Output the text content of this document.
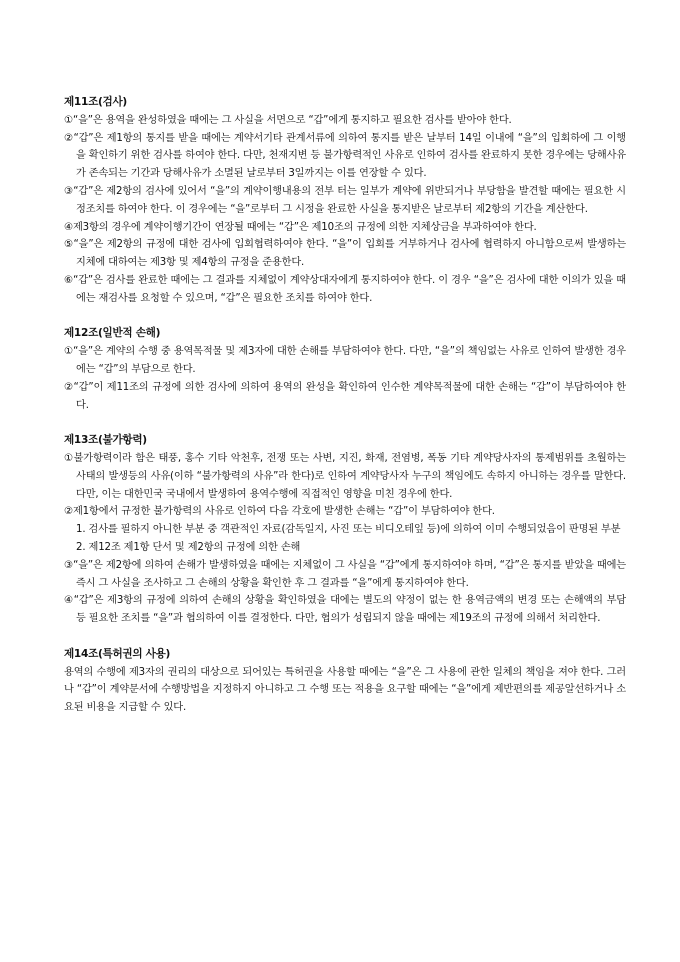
제11조(검사)
①“을”은 용역을 완성하였을 때에는 그 사실을 서면으로 “갑”에게 통지하고 필요한 검사를 받아야 한다.
②“갑”은 제1항의 통지를 받을 때에는 계약서기타 관계서류에 의하여 통지를 받은 날부터 14일 이내에 “을”의 입회하에 그 이행을 확인하기 위한 검사를 하여야 한다. 다만, 천재지변 등 불가항력적인 사유로 인하여 검사를 완료하지 못한 경우에는 당해사유가 존속되는 기간과 당해사유가 소멸된 날로부터 3일까지는 이를 연장할 수 있다.
③“갑”은 제2항의 검사에 있어서 “을”의 계약이행내용의 전부 터는 일부가 계약에 위반되거나 부당함을 발견할 때에는 필요한 시정조치를 하여야 한다. 이 경우에는 “을”로부터 그 시정을 완료한 사실을 통지받은 날로부터 제2항의 기간을 계산한다.
④제3항의 경우에 계약이행기간이 연장될 때에는 “갑”은 제10조의 규정에 의한 지체상금을 부과하여야 한다.
⑤“을”은 제2항의 규정에 대한 검사에 입회협력하여야 한다. “을”이 입회를 거부하거나 검사에 협력하지 아니함으로써 발생하는 지체에 대하여는 제3항 및 제4항의 규정을 준용한다.
⑥“갑”은 검사를 완료한 때에는 그 결과를 지체없이 계약상대자에게 통지하여야 한다. 이 경우 “을”은 검사에 대한 이의가 있을 때에는 재검사를 요청할 수 있으며, “갑”은 필요한 조치를 하여야 한다.
제12조(일반적 손해)
①“을”은 계약의 수행 중 용역목적물 및 제3자에 대한 손해를 부담하여야 한다. 다만, “을”의 책임없는 사유로 인하여 발생한 경우에는 “갑”의 부담으로 한다.
②“갑”이 제11조의 규정에 의한 검사에 의하여 용역의 완성을 확인하여 인수한 계약목적물에 대한 손해는 “갑”이 부담하여야 한다.
제13조(불가항력)
①불가항력이라 함은 태풍, 홍수 기타 악천후, 전쟁 또는 사변, 지진, 화재, 전염병, 폭동 기타 계약당사자의 통제범위를 초월하는 사태의 발생등의 사유(이하 “불가항력의 사유”라 한다)로 인하여 계약당사자 누구의 책임에도 속하지 아니하는 경우를 말한다. 다만, 이는 대한민국 국내에서 발생하여 용역수행에 직접적인 영향을 미친 경우에 한다.
②제1항에서 규정한 불가항력의 사유로 인하여 다음 각호에 발생한 손해는 “갑”이 부담하여야 한다.
1. 검사를 필하지 아니한 부분 중 객관적인 자료(감독일지, 사진 또는 비디오테잎 등)에 의하여 이미 수행되었음이 판명된 부분
2. 제12조 제1항 단서 및 제2항의 규정에 의한 손해
③“을”은 제2항에 의하여 손해가 발생하였을 때에는 지체없이 그 사실을 “갑”에게 통지하여야 하며, “갑”은 통지를 받았을 때에는 즉시 그 사실을 조사하고 그 손해의 상황을 확인한 후 그 결과를 “을”에게 통지하여야 한다.
④“갑”은 제3항의 규정에 의하여 손해의 상황을 확인하였을 대에는 별도의 약정이 없는 한 용역금액의 변경 또는 손해액의 부담 등 필요한 조치를 “을”과 협의하여 이를 결정한다. 다만, 협의가 성립되지 않을 때에는 제19조의 규정에 의해서 처리한다.
제14조(특허권의 사용)
용역의 수행에 제3자의 권리의 대상으로 되어있는 특허권을 사용할 때에는 “을”은 그 사용에 관한 일체의 책임을 져야 한다. 그러나 “갑”이 계약문서에 수행방법을 지정하지 아니하고 그 수행 또는 적용을 요구할 때에는 “을”에게 제반편의를 제공알선하거나 소요된 비용을 지급할 수 있다.
